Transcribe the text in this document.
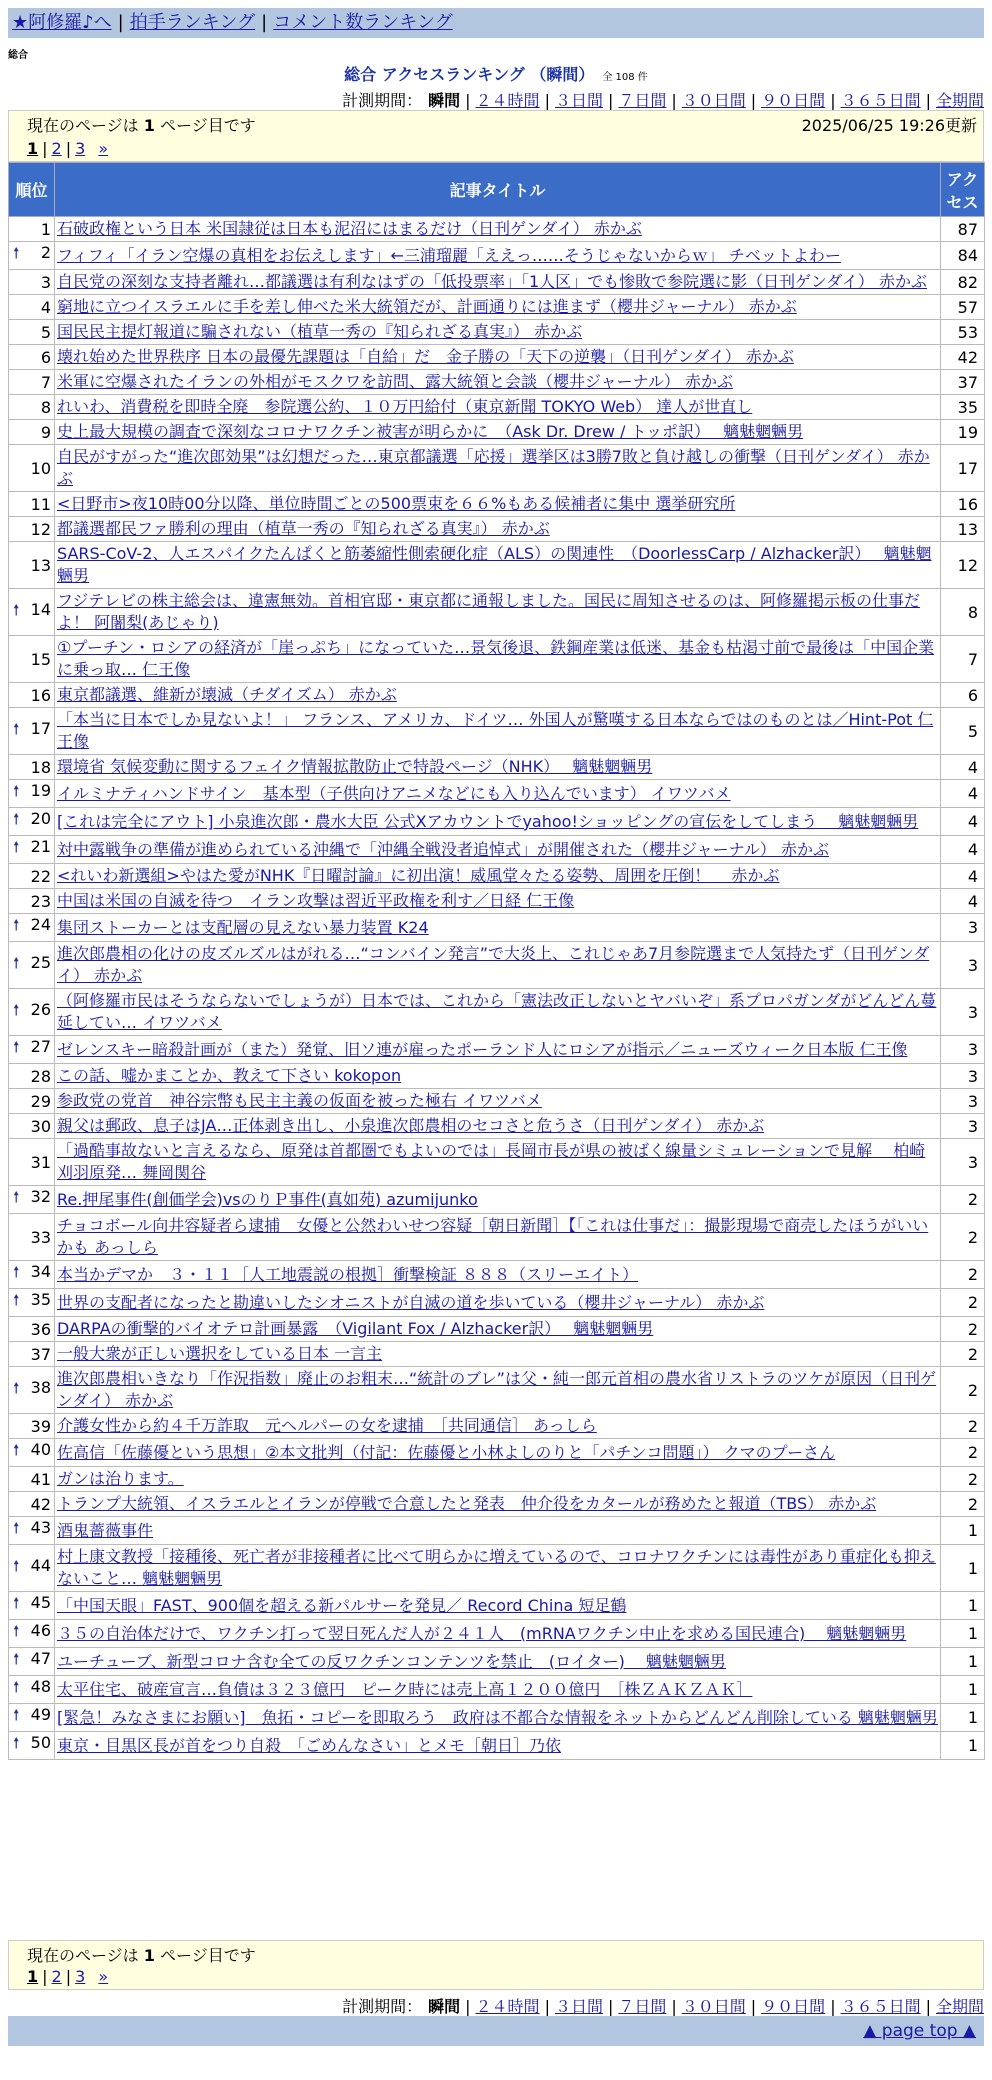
★阿修羅♪へ | 拍手ランキング | コメント数ランキング
総合
総合 アクセスランキング （瞬間） 全 108 件
計測期間： 瞬間 | ２４時間 | ３日間 | ７日間 | ３０日間 | ９０日間 | ３６５日間 | 全期間
現在のページは 1 ページ目です	2025/06/25 19:26更新
1 | 2 | 3 »
順位	記事タイトル	アクセス
1	石破政権という日本 米国隷従は日本も泥沼にはまるだけ（日刊ゲンダイ） 赤かぶ	87

🠕 2	フィフィ「イラン空爆の真相をお伝えします」←三浦瑠麗「ええっ……そうじゃないからｗ」 チベットよわー	84
3	自民党の深刻な支持者離れ…都議選は有利なはずの「低投票率」「1人区」でも惨敗で参院選に影（日刊ゲンダイ） 赤かぶ	82
4	窮地に立つイスラエルに手を差し伸べた米大統領だが、計画通りには進まず（櫻井ジャーナル） 赤かぶ	57
5	国民民主提灯報道に騙されない（植草一秀の『知られざる真実』） 赤かぶ	53
6	壊れ始めた世界秩序 日本の最優先課題は「自給」だ　金子勝の「天下の逆襲」（日刊ゲンダイ） 赤かぶ	42
7	米軍に空爆されたイランの外相がモスクワを訪問、露大統領と会談（櫻井ジャーナル） 赤かぶ	37
8	れいわ、消費税を即時全廃　参院選公約、１０万円給付（東京新聞 TOKYO Web） 達人が世直し	35
9	史上最大規模の調査で深刻なコロナワクチン被害が明らかに　（Ask Dr. Drew / トッポ訳）　 魑魅魍魎男	19
10	自民がすがった“進次郎効果”は幻想だった…東京都議選「応援」選挙区は3勝7敗と負け越しの衝撃（日刊ゲンダイ） 赤かぶ	17
11	<日野市>夜10時00分以降、単位時間ごとの500票束を６６%もある候補者に集中 選挙研究所	16
12	都議選都民ファ勝利の理由（植草一秀の『知られざる真実』） 赤かぶ	13
13	SARS-CoV-2、人エスパイクたんぱくと筋萎縮性側索硬化症（ALS）の関連性　（DoorlessCarp / Alzhacker訳）　 魑魅魍魎男	12

🠕 14	フジテレビの株主総会は、違憲無効。首相官邸・東京都に通報しました。国民に周知させるのは、阿修羅掲示板の仕事だよ！ 阿闍梨(あじゃり)	8
15	①プーチン・ロシアの経済が「崖っぷち」になっていた…景気後退、鉄鋼産業は低迷、基金も枯渇寸前で最後は「中国企業に乗っ取… 仁王像	7
16	東京都議選、維新が壊滅（チダイズム） 赤かぶ	6

🠕 17	「本当に日本でしか見ないよ！」 フランス、アメリカ、ドイツ… 外国人が驚嘆する日本ならではのものとは／Hint-Pot 仁王像	5
18	環境省 気候変動に関するフェイク情報拡散防止で特設ページ（NHK）　 魑魅魍魎男	4

🠕 19	イルミナティハンドサイン　基本型（子供向けアニメなどにも入り込んでいます） イワツバメ	4

🠕 20	[これは完全にアウト] 小泉進次郎・農水大臣 公式Xアカウントでyahoo!ショッピングの宣伝をしてしまう　 魑魅魍魎男	4

🠕 21	対中露戦争の準備が進められている沖縄で「沖縄全戦没者追悼式」が開催された（櫻井ジャーナル） 赤かぶ	4
22	<れいわ新選組>やはた愛がNHK『日曜討論』に初出演！威風堂々たる姿勢、周囲を圧倒！　 赤かぶ	4
23	中国は米国の自滅を待つ　イラン攻撃は習近平政権を利す／日経 仁王像	4

🠕 24	集団ストーカーとは支配層の見えない暴力装置 K24	3

🠕 25	進次郎農相の化けの皮ズルズルはがれる…“コンバイン発言”で大炎上、これじゃあ7月参院選まで人気持たず（日刊ゲンダイ） 赤かぶ	3

🠕 26	（阿修羅市民はそうならないでしょうが）日本では、これから「憲法改正しないとヤバいぞ」系プロパガンダがどんどん蔓延してい… イワツバメ	3

🠕 27	ゼレンスキー暗殺計画が（また）発覚、旧ソ連が雇ったポーランド人にロシアが指示／ニューズウィーク日本版 仁王像	3
28	この話、嘘かまことか、教えて下さい kokopon	3
29	参政党の党首　神谷宗幣も民主主義の仮面を被った極右 イワツバメ	3
30	親父は郵政、息子はJA…正体剥き出し、小泉進次郎農相のセコさと危うさ（日刊ゲンダイ） 赤かぶ	3
31	「過酷事故ないと言えるなら、原発は首都圏でもよいのでは」長岡市長が県の被ばく線量シミュレーションで見解　 柏崎刈羽原発… 舞岡関谷	3

🠕 32	Re.押尾事件(創価学会)vsのりＰ事件(真如苑) azumijunko	2
33	チョコボール向井容疑者ら逮捕　女優と公然わいせつ容疑［朝日新聞］【「これは仕事だ」：撮影現場で商売したほうがいいかも あっしら	2

🠕 34	本当かデマか　３・１１［人工地震説の根拠］衝撃検証 ８８８（スリーエイト）	2

🠕 35	世界の支配者になったと勘違いしたシオニストが自滅の道を歩いている（櫻井ジャーナル） 赤かぶ	2
36	DARPAの衝撃的バイオテロ計画暴露　（Vigilant Fox / Alzhacker訳）　 魑魅魍魎男	2
37	一般大衆が正しい選択をしている日本 一言主	2

🠕 38	進次郎農相いきなり「作況指数」廃止のお粗末…“統計のブレ”は父・純一郎元首相の農水省リストラのツケが原因（日刊ゲンダイ） 赤かぶ	2
39	介護女性から約４千万詐取　元ヘルパーの女を逮捕　［共同通信］ あっしら	2

🠕 40	佐高信「佐藤優という思想」②本文批判（付記：佐藤優と小林よしのりと「パチンコ問題」） クマのプーさん	2
41	ガンは治ります。	2
42	トランプ大統領、イスラエルとイランが停戦で合意したと発表　仲介役をカタールが務めたと報道（TBS） 赤かぶ	2

🠕 43	酒鬼薔薇事件	1

🠕 44	村上康文教授「接種後、死亡者が非接種者に比べて明らかに増えているので、コロナワクチンには毒性があり重症化も抑えないこと… 魑魅魍魎男	1

🠕 45	「中国天眼」FAST、900個を超える新パルサーを発見／ Record China 短足鶴	1

🠕 46	３５の自治体だけで、ワクチン打って翌日死んだ人が２４１人　(mRNAワクチン中止を求める国民連合)　 魑魅魍魎男	1

🠕 47	ユーチューブ、新型コロナ含む全ての反ワクチンコンテンツを禁止　(ロイター)　 魑魅魍魎男	1

🠕 48	太平住宅、破産宣言…負債は３２３億円　ピーク時には売上高１２００億円　［株ＺＡＫＺＡＫ］	1

🠕 49	[緊急！みなさまにお願い]　魚拓・コピーを即取ろう　政府は不都合な情報をネットからどんどん削除している 魑魅魍魎男	1

🠕 50	東京・目黒区長が首をつり自殺　「ごめんなさい」とメモ［朝日］乃依	1
現在のページは 1 ページ目です
1 | 2 | 3 »
計測期間： 瞬間 | ２４時間 | ３日間 | ７日間 | ３０日間 | ９０日間 | ３６５日間 | 全期間
▲ page top ▲
